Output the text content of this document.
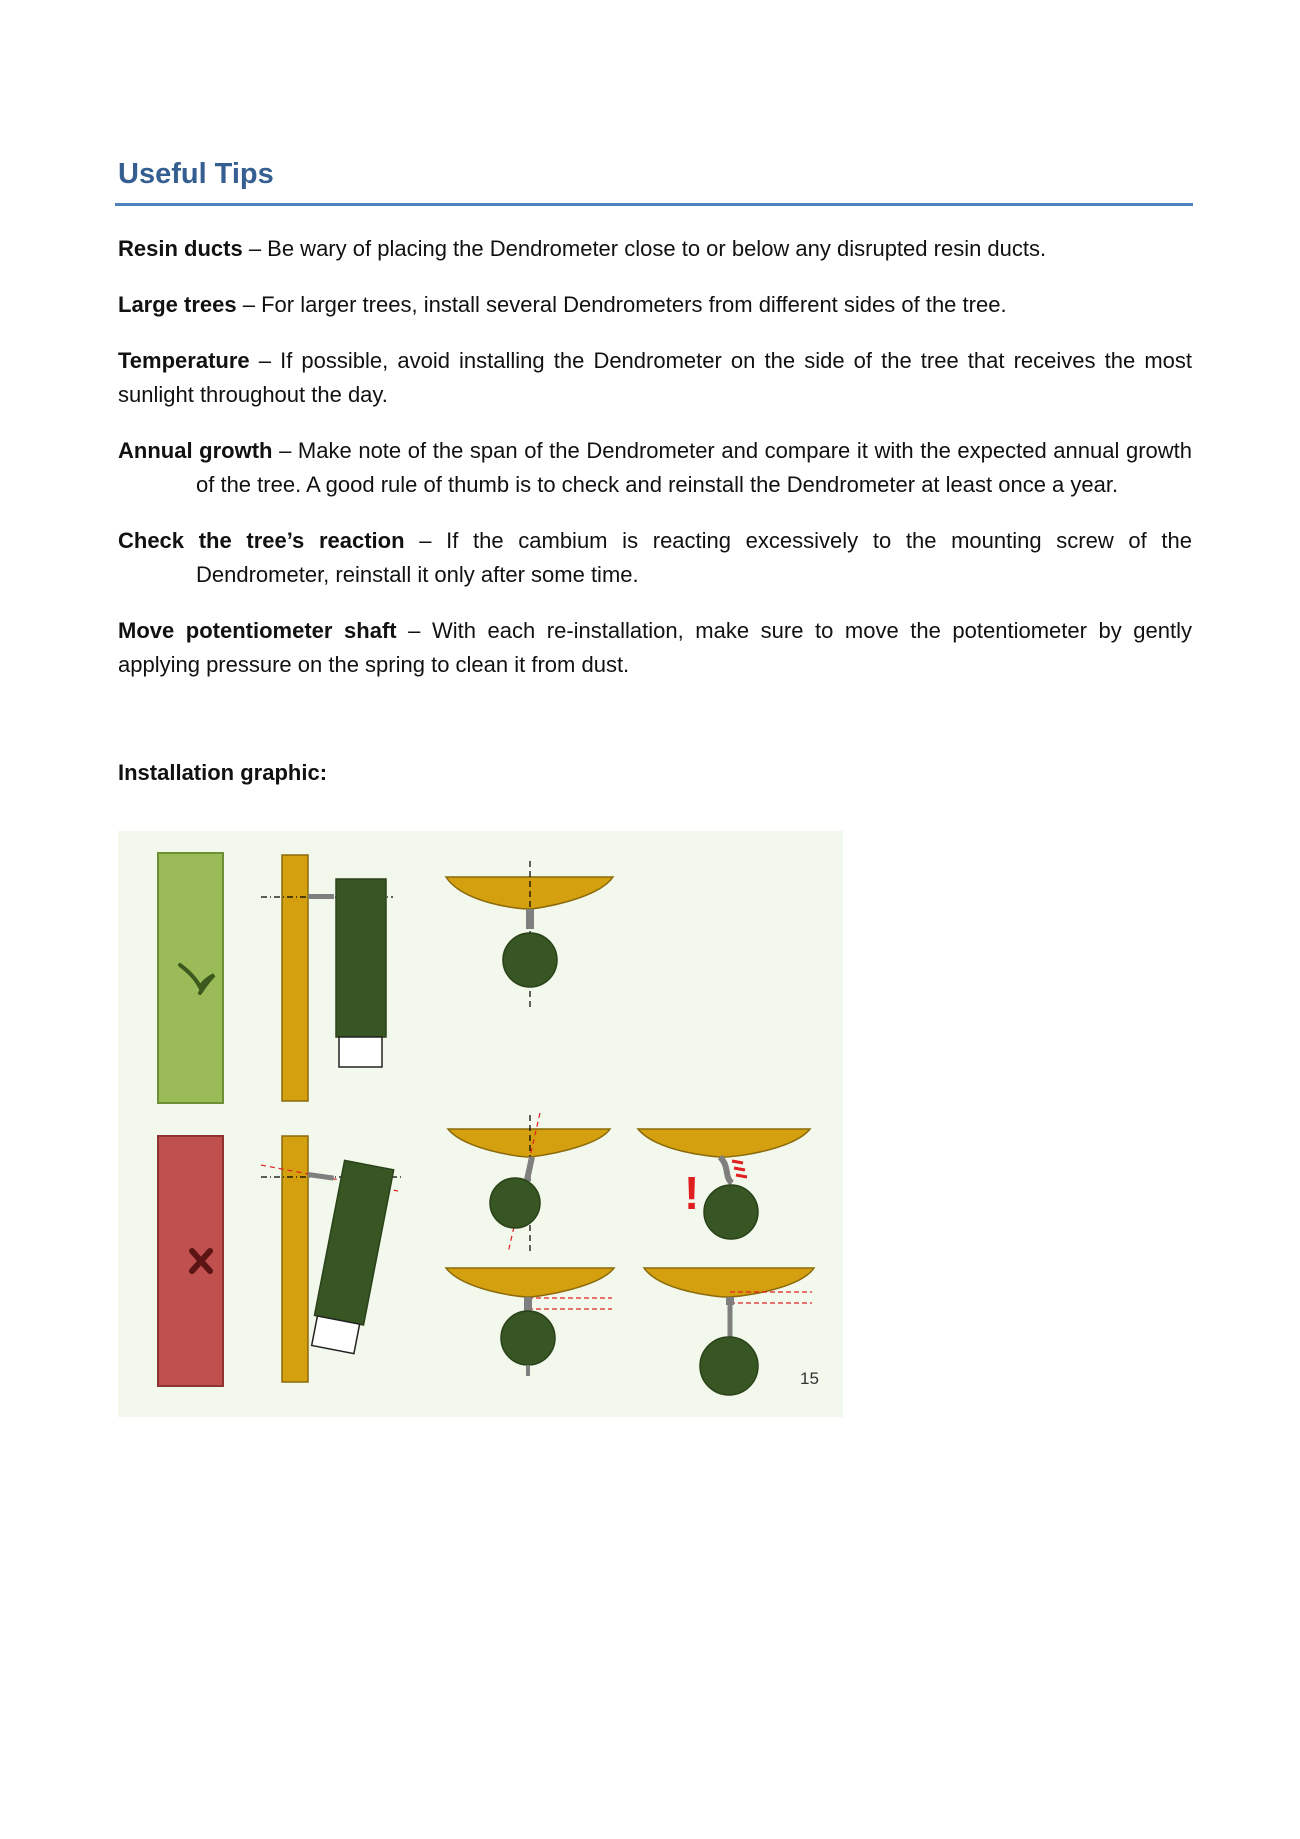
Useful Tips

Resin ducts – Be wary of placing the Dendrometer close to or below any disrupted resin ducts.

Large trees – For larger trees, install several Dendrometers from different sides of the tree.

Temperature – If possible, avoid installing the Dendrometer on the side of the tree that receives the most sunlight throughout the day.

Annual growth – Make note of the span of the Dendrometer and compare it with the expected annual growth of the tree. A good rule of thumb is to check and reinstall the Dendrometer at least once a year.

Check the tree’s reaction – If the cambium is reacting excessively to the mounting screw of the Dendrometer, reinstall it only after some time.

Move potentiometer shaft – With each re-installation, make sure to move the potentiometer by gently applying pressure on the spring to clean it from dust.

Installation graphic:

!
15
